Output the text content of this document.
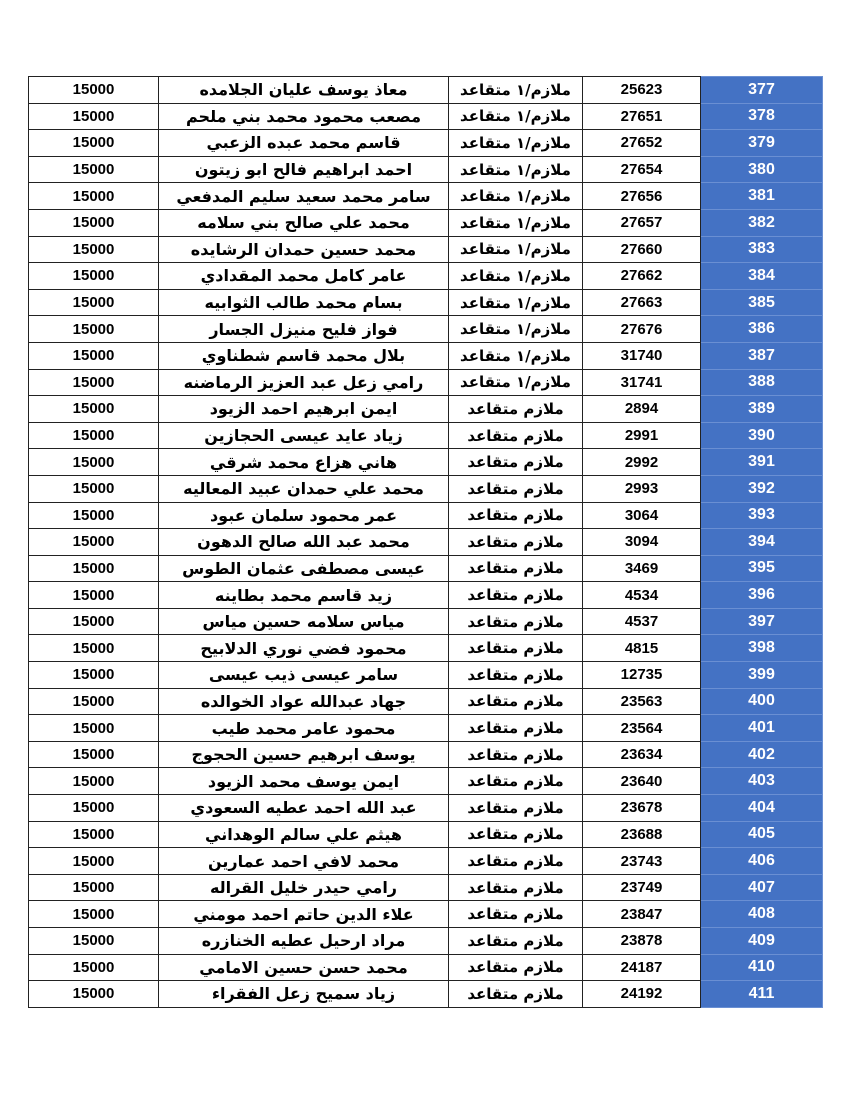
15000	معاذ يوسف عليان الجلامده	ملازم/١ متقاعد	25623	377
15000	مصعب محمود محمد بني ملحم	ملازم/١ متقاعد	27651	378
15000	قاسم محمد عبده الزعبي	ملازم/١ متقاعد	27652	379
15000	احمد ابراهيم فالح ابو زيتون	ملازم/١ متقاعد	27654	380
15000	سامر محمد سعيد سليم المدفعي	ملازم/١ متقاعد	27656	381
15000	محمد علي صالح بني سلامه	ملازم/١ متقاعد	27657	382
15000	محمد حسين حمدان الرشايده	ملازم/١ متقاعد	27660	383
15000	عامر كامل محمد المقدادي	ملازم/١ متقاعد	27662	384
15000	بسام محمد طالب الثوابيه	ملازم/١ متقاعد	27663	385
15000	فواز فليح منيزل الجسار	ملازم/١ متقاعد	27676	386
15000	بلال محمد قاسم شطناوي	ملازم/١ متقاعد	31740	387
15000	رامي زعل عبد العزيز الرماضنه	ملازم/١ متقاعد	31741	388
15000	ايمن ابرهيم احمد الزيود	ملازم متقاعد	2894	389
15000	زياد عايد عيسى الحجازين	ملازم متقاعد	2991	390
15000	هاني هزاع محمد شرقي	ملازم متقاعد	2992	391
15000	محمد علي حمدان عبيد المعاليه	ملازم متقاعد	2993	392
15000	عمر محمود سلمان عبود	ملازم متقاعد	3064	393
15000	محمد عبد الله صالح الدهون	ملازم متقاعد	3094	394
15000	عيسى مصطفى عثمان الطوس	ملازم متقاعد	3469	395
15000	زيد قاسم محمد بطاينه	ملازم متقاعد	4534	396
15000	مياس سلامه حسين مياس	ملازم متقاعد	4537	397
15000	محمود فضي نوري الدلابيح	ملازم متقاعد	4815	398
15000	سامر عيسى ذيب عيسى	ملازم متقاعد	12735	399
15000	جهاد عبدالله عواد الخوالده	ملازم متقاعد	23563	400
15000	محمود عامر محمد طيب	ملازم متقاعد	23564	401
15000	يوسف ابرهيم حسين الحجوج	ملازم متقاعد	23634	402
15000	ايمن يوسف محمد الزيود	ملازم متقاعد	23640	403
15000	عبد الله احمد عطيه السعودي	ملازم متقاعد	23678	404
15000	هيثم علي سالم الوهداني	ملازم متقاعد	23688	405
15000	محمد لافي احمد عمارين	ملازم متقاعد	23743	406
15000	رامي حيدر خليل القراله	ملازم متقاعد	23749	407
15000	علاء الدين حاتم احمد مومني	ملازم متقاعد	23847	408
15000	مراد ارحيل عطيه الخنازره	ملازم متقاعد	23878	409
15000	محمد حسن حسين الامامي	ملازم متقاعد	24187	410
15000	زياد سميح زعل الفقراء	ملازم متقاعد	24192	411
